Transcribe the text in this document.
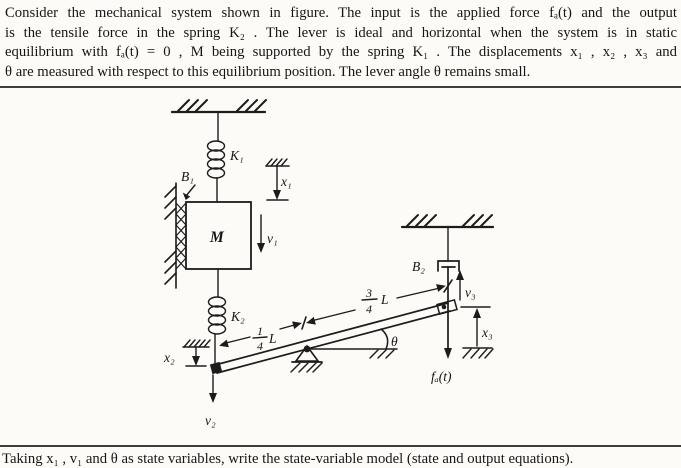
Consider the mechanical system shown in figure. The input is the applied force fₐ(t) and the output
is the tensile force in the spring K₂ . The lever is ideal and horizontal when the system is in static
equilibrium with fₐ(t) = 0 , M being supported by the spring K₁ . The displacements x₁ , x₂ , x₃ and
θ are measured with respect to this equilibrium position. The lever angle θ remains small.
K₁
x₁
B₁
M	v₁
K₂
x₂
v₂
1
4 L
3
4
L
θ
B₂
v₃
x₃
fₐ(t)
Taking x₁ , v₁ and θ as state variables, write the state-variable model (state and output equations).
